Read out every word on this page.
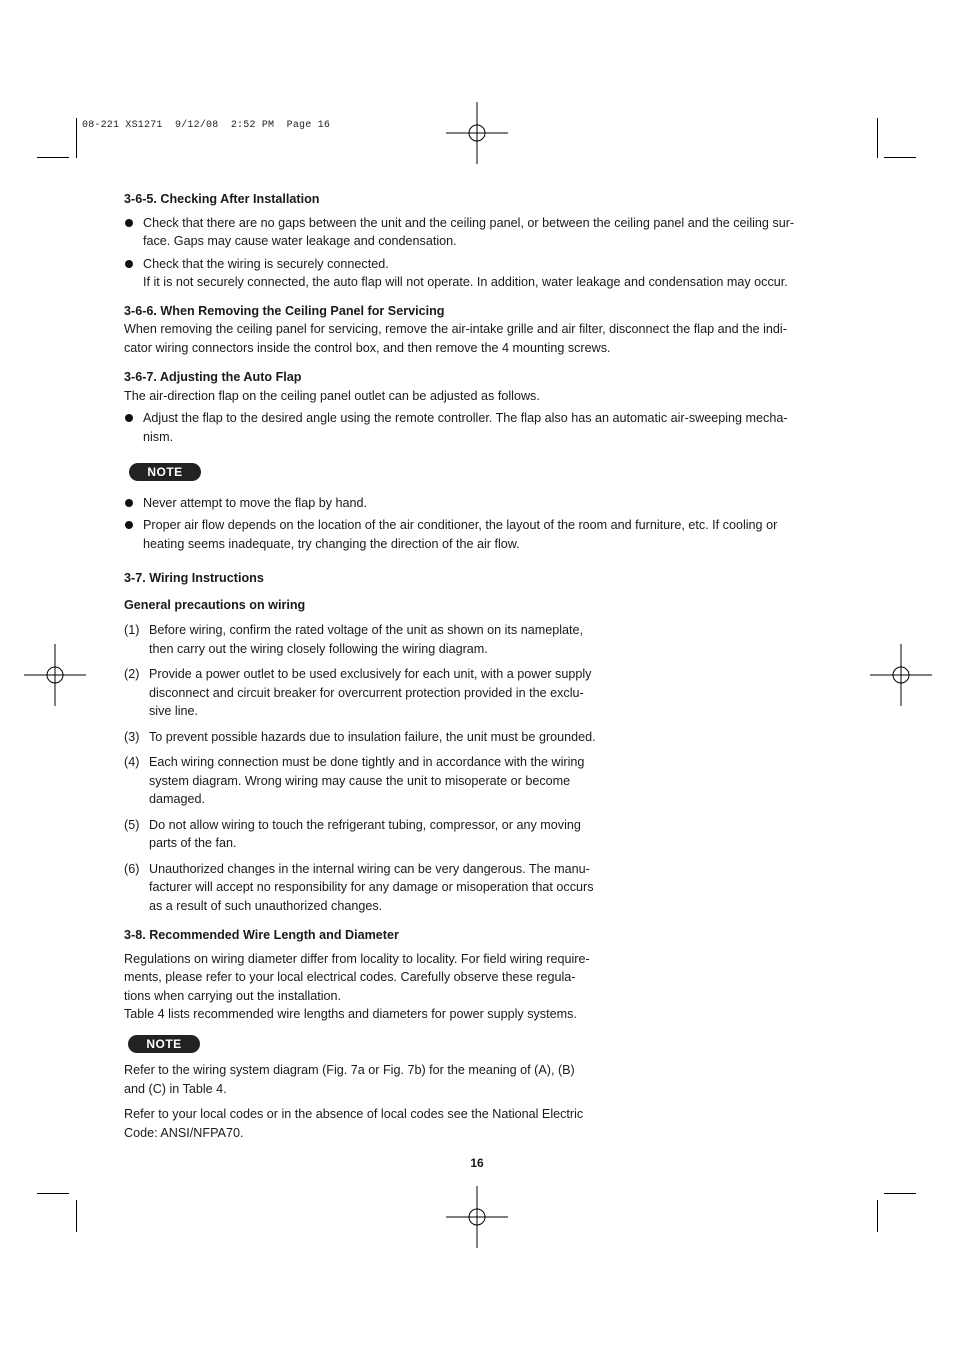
08-221 XS1271  9/12/08  2:52 PM  Page 16
3-6-5. Checking After Installation
Check that there are no gaps between the unit and the ceiling panel, or between the ceiling panel and the ceiling sur-
face. Gaps may cause water leakage and condensation.
Check that the wiring is securely connected.
If it is not securely connected, the auto flap will not operate. In addition, water leakage and condensation may occur.
3-6-6. When Removing the Ceiling Panel for Servicing

When removing the ceiling panel for servicing, remove the air-intake grille and air filter, disconnect the flap and the indi-
cator wiring connectors inside the control box, and then remove the 4 mounting screws.

3-6-7. Adjusting the Auto Flap

The air-direction flap on the ceiling panel outlet can be adjusted as follows.

Adjust the flap to the desired angle using the remote controller. The flap also has an automatic air-sweeping mecha-
nism.
NOTE
Never attempt to move the flap by hand.
Proper air flow depends on the location of the air conditioner, the layout of the room and furniture, etc. If cooling or
heating seems inadequate, try changing the direction of the air flow.
3-7. Wiring Instructions
General precautions on wiring
(1) Before wiring, confirm the rated voltage of the unit as shown on its nameplate,
then carry out the wiring closely following the wiring diagram.
(2) Provide a power outlet to be used exclusively for each unit, with a power supply
disconnect and circuit breaker for overcurrent protection provided in the exclu-
sive line.
(3) To prevent possible hazards due to insulation failure, the unit must be grounded.
(4) Each wiring connection must be done tightly and in accordance with the wiring
system diagram. Wrong wiring may cause the unit to misoperate or become
damaged.
(5) Do not allow wiring to touch the refrigerant tubing, compressor, or any moving
parts of the fan.
(6) Unauthorized changes in the internal wiring can be very dangerous. The manu-
facturer will accept no responsibility for any damage or misoperation that occurs
as a result of such unauthorized changes.
3-8. Recommended Wire Length and Diameter

Regulations on wiring diameter differ from locality to locality. For field wiring require-
ments, please refer to your local electrical codes. Carefully observe these regula-
tions when carrying out the installation.
Table 4 lists recommended wire lengths and diameters for power supply systems.

NOTE

Refer to the wiring system diagram (Fig. 7a or Fig. 7b) for the meaning of (A), (B)
and (C) in Table 4.

Refer to your local codes or in the absence of local codes see the National Electric
Code: ANSI/NFPA70.

16
